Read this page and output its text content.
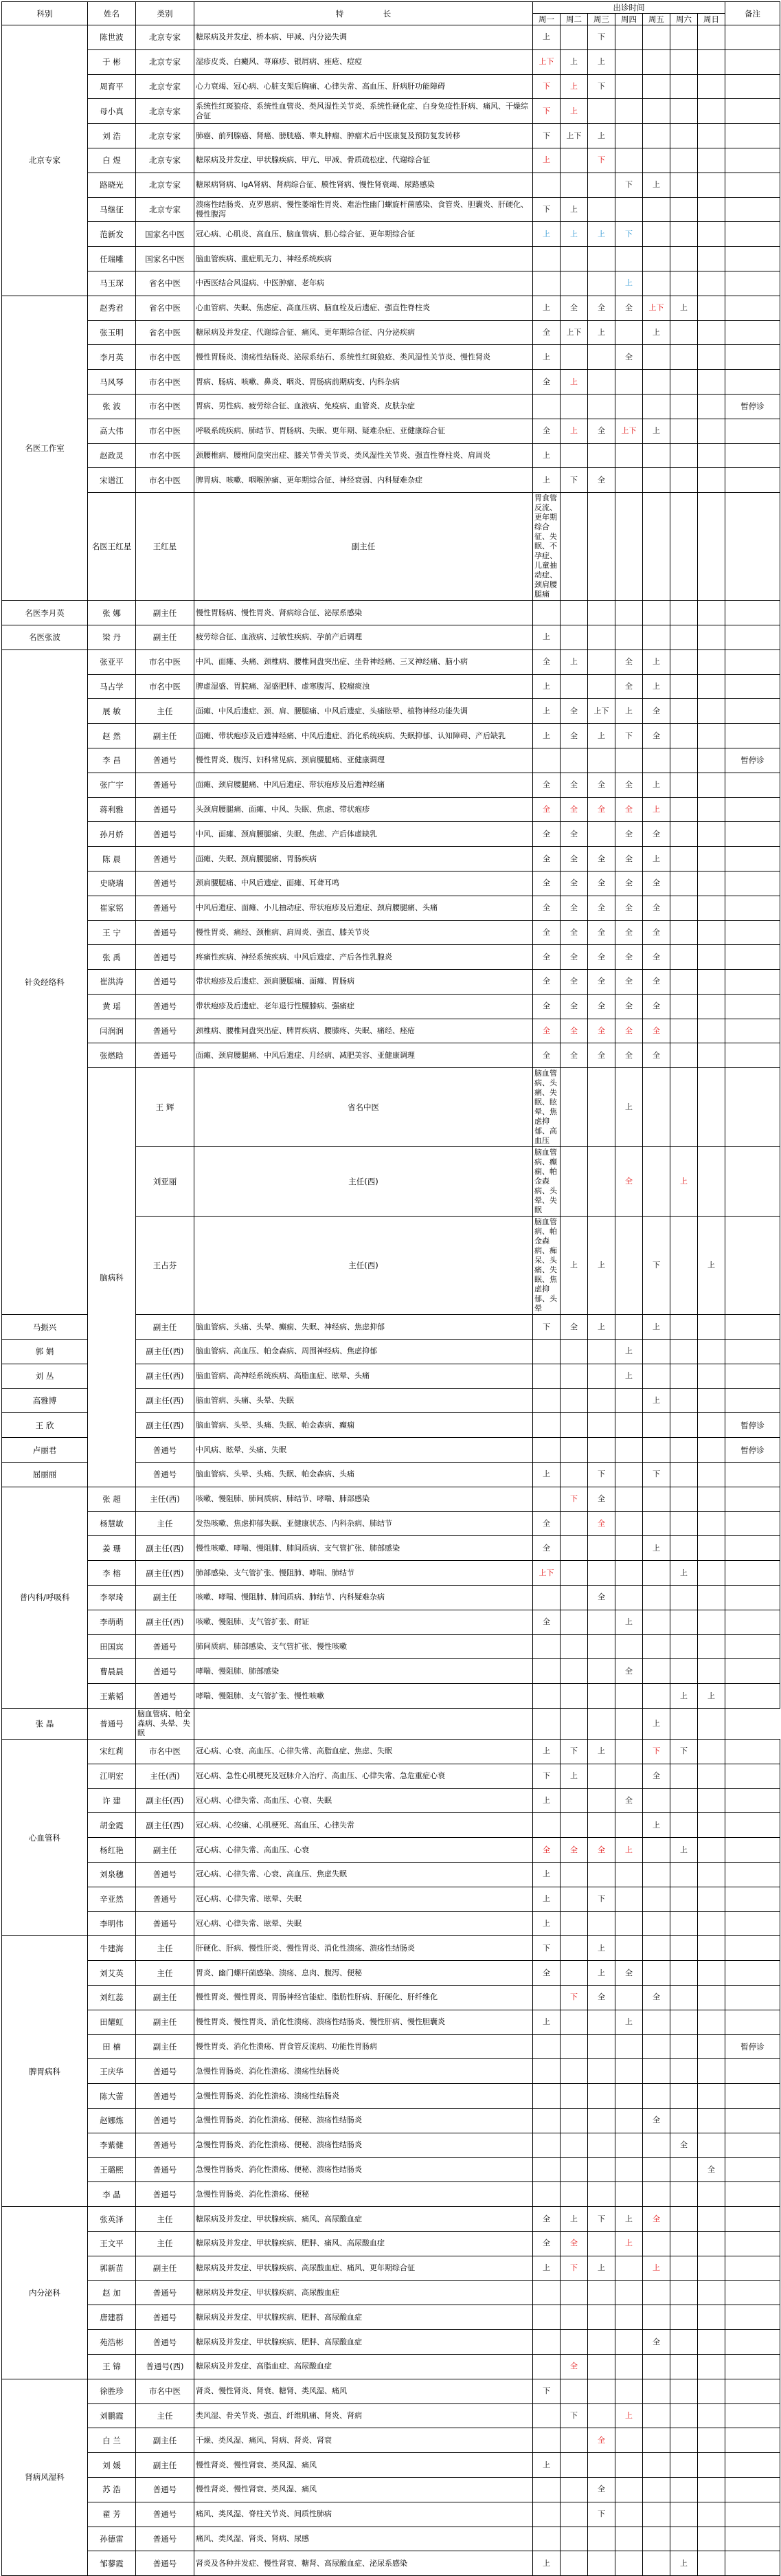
科别	姓名	类别	特　　　　　长	出诊时间							备注	
				周一	周二	周三	周四	周五	周六	周日		
北京专家	陈世波	北京专家	糖尿病及并发症、桥本病、甲减、内分泌失调	上		下						
	于 彬	北京专家	湿疹皮炎、白癜风、荨麻疹、银屑病、痤疮、痘痘	上下	上	上						
	周育平	北京专家	心力衰竭、冠心病、心脏支架后胸痛、心律失常、高血压、肝病肝功能障碍	下	上	下						
	母小真	北京专家	系统性红斑狼疮、系统性血管炎、类风湿性关节炎、系统性硬化症、白身免疫性肝病、痛风、干燥综合征	下	上							
	刘 浩	北京专家	肺癌、前列腺癌、肾癌、膀胱癌、睾丸肿瘤、肿瘤术后中医康复及预防复发转移	下	上下	上						
	白 煜	北京专家	糖尿病及并发症、甲状腺疾病、甲亢、甲减、骨质疏松症、代谢综合征	上		下						
	路晓光	北京专家	糖尿病肾病、IgA肾病、肾病综合征、膜性肾病、慢性肾衰竭、尿路感染				下	上				
	马继征	北京专家	溃疡性结肠炎、克罗恩病、慢性萎缩性胃炎、难治性幽门螺旋杆菌感染、食管炎、胆囊炎、肝硬化、慢性腹泻	下	上							
	范新发	国家名中医	冠心病、心肌炎、高血压、脑血管病、胆心综合征、更年期综合征	上	上	上	下					
	任瑞雕	国家名中医	脑血管疾病、重症肌无力、神经系统疾病									
	马玉琛	省名中医	中西医结合风湿病、中医肿瘤、老年病				上					
名医工作室	赵秀君	省名中医	心血管病、失眠、焦虑症、高血压病、脑血栓及后遗症、强直性脊柱炎	上	全	全	全	上下	上			
	张玉明	省名中医	糖尿病及并发症、代谢综合征、痛风、更年期综合征、内分泌疾病	全	上下	上		上				
	李月英	市名中医	慢性胃肠炎、溃疡性结肠炎、泌尿系结石、系统性红斑狼疮、类风湿性关节炎、慢性肾炎	上			全					
	马风琴	市名中医	胃病、肠病、咳嗽、鼻炎、咽炎、胃肠病前期病变、内科杂病	全	上							
	张 波	市名中医	胃病、男性病、疲劳综合征、血液病、免疫病、血管炎、皮肤杂症								暂停诊	
	高大伟	市名中医	呼吸系统疾病、肺结节、胃肠病、失眠、更年期、疑难杂症、亚健康综合征	全	上	全	上下	上				
	赵政灵	市名中医	颈腰椎病、腰椎间盘突出症、膝关节骨关节炎、类风湿性关节炎、强直性脊柱炎、肩周炎	上								
	宋谱江	市名中医	脾胃病、咳嗽、咽喉肿痛、更年期综合征、神经衰弱、内科疑难杂症	上	下	全						
	名医王红星	王红星	副主任	胃食管反流、更年期综合征、失眠、不孕症、儿童抽动症、颈肩腰腿痛								
名医李月英	张 娜	副主任	慢性胃肠病、慢性胃炎、肾病综合征、泌尿系感染									
名医张波	梁 丹	副主任	疲劳综合征、血液病、过敏性疾病、孕前产后调理	上								
针灸经络科	张亚平	市名中医	中风、面瘫、头痛、颈椎病、腰椎间盘突出症、坐骨神经痛、三叉神经痛、脑小病	全	上		全	上				
	马占学	市名中医	脾虚湿盛、胃脘痛、湿盛肥胖、虚寒腹泻、胶瘤痰浊	上			全	上				
	展 敏	主任	面瘫、中风后遗症、颈、肩、腰腿痛、中风后遗症、头痛眩晕、植物神经功能失调	上	全	上下	上	全				
	赵 然	副主任	面瘫、带状疱疹及后遗神经痛、中风后遗症、消化系统疾病、失眠抑郁、认知障碍、产后缺乳	上	全	上	下	全				
	李 昌	普通号	慢性胃炎、腹泻、妇科常见病、颈肩腰腿痛、亚健康调理								暂停诊	
	张广宇	普通号	面瘫、颈肩腰腿痛、中风后遗症、带状疱疹及后遗神经痛	全	全	全	全	上				
	蒋利雅	普通号	头颈肩腰腿痛、面瘫、中风、失眠、焦虑、带状疱疹	全	全	全	全	上				
	孙月娇	普通号	中风、面瘫、颈肩腰腿痛、失眠、焦虑、产后体虚缺乳	全	全		全	全				
	陈 晨	普通号	面瘫、失眠、颈肩腰腿痛、胃肠疾病	全	全	全	全	上				
	史晓瑞	普通号	颈肩腰腿痛、中风后遗症、面瘫、耳聋耳鸣	全	全	全	全	全				
	崔家铭	普通号	中风后遗症、面瘫、小儿抽动症、带状疱疹及后遗症、颈肩腰腿痛、头痛	全	全	全	全	全				
	王 宁	普通号	慢性胃炎、痛经、颈椎病、肩周炎、强直、膝关节炎	全	全	全	全	全				
	张 禹	普通号	疼痛性疾病、神经系统疾病、中风后遗症、产后各性乳腺炎	全	全	全	全	全				
	崔洪涛	普通号	带状疱疹及后遗症、颈肩腰腿痛、面瘫、胃肠病	全	全	全	全	全				
	黄 瑶	普通号	带状疱疹及后遗症、老年退行性腰膝病、强痛症	全	全	全	全	全				
	闫润润	普通号	颈椎病、腰椎间盘突出症、脾胃疾病、腰膝疼、失眠、痛经、痤疮	全	全	全	全	全				
	张燃晗	普通号	面瘫、颈肩腰腿痛、中风后遗症、月经病、减肥美容、亚健康调理	全	全	全	全	全				
	脑病科	王 辉	省名中医	脑血管病、头痛、失眠、眩晕、焦虑抑郁、高血压			上					
		刘亚丽	主任(西)	脑血管病、癫痫、帕金森病、头晕、失眠			全		上			
		王占芬	主任(西)	脑血管病、帕金森病、痴呆、头痛、失眠、焦虑抑郁、头晕	上	上		下		上		
马振兴		副主任	脑血管病、头痛、头晕、癫痫、失眠、神经病、焦虑抑郁	下	全	上		上				
郭 娟		副主任(西)	脑血管病、高血压、帕金森病、周围神经病、焦虑抑郁				上					
刘 丛		副主任(西)	脑血管病、高神经系统疾病、高脂血症、眩晕、头痛				上					
高雅博		副主任(西)	脑血管病、头痛、头晕、失眠					上				
王 欣		副主任(西)	脑血管病、头晕、头痛、失眠、帕金森病、癫痫								暂停诊	
卢丽君		普通号	中风病、眩晕、头痛、失眠								暂停诊	
屈丽丽		普通号	脑血管病、头晕、头痛、失眠、帕金森病、头痛	上		下		下				
普内科/呼吸科	张 超	主任(西)	咳嗽、慢阻肺、肺间质病、肺结节、哮喘、肺部感染		下	全						
	杨慧敏	主任	发热咳嗽、焦虑抑郁失眠、亚健康状态、内科杂病、肺结节	全		全						
	姜 珊	副主任(西)	慢性咳嗽、哮喘、慢阻肺、肺间质病、支气管扩张、肺部感染	全				上				
	李 榕	副主任(西)	肺部感染、支气管扩张、慢阻肺、哮喘、肺结节	上下					上			
	李翠琦	副主任	咳嗽、哮喘、慢阻肺、肺间质病、肺结节、内科疑难杂病			全						
	李萌萌	副主任(西)	咳嗽、慢阻肺、支气管扩张、耐证	全			上					
	田国宾	普通号	肺间质病、肺部感染、支气管扩张、慢性咳嗽									
	曹晨晨	普通号	哮喘、慢阻肺、肺部感染				全					
	王紫韬	普通号	哮喘、慢阻肺、支气管扩张、慢性咳嗽						上	上		
张 晶	普通号	脑血管病、帕金森病、头晕、失眠						上				
心血管科	宋红莉	市名中医	冠心病、心衰、高血压、心律失常、高脂血症、焦虑、失眠	上	下	上		下	下			
	江明宏	主任(西)	冠心病、急性心肌梗死及冠脉介入治疗、高血压、心律失常、急危重症心衰	下	上			全				
	许 建	副主任(西)	冠心病、心律失常、高血压、心衰、失眠	上			全					
	胡金霞	副主任(西)	冠心病、心绞痛、心肌梗死、高血压、心律失常					上				
	杨红艳	副主任	冠心病、心律失常、高血压、心衰	全	全	全	上		上			
	刘泉穗	普通号	冠心病、心律失常、心衰、高血压、焦虑失眠	上								
	辛亚然	普通号	冠心病、心律失常、眩晕、失眠	上		下						
	李明伟	普通号	冠心病、心律失常、眩晕、失眠	上								
脾胃病科	牛建海	主任	肝硬化、肝病、慢性肝炎、慢性胃炎、消化性溃疡、溃疡性结肠炎	下		上						
	刘艾英	主任	胃炎、幽门螺杆菌感染、溃疡、息肉、腹泻、便秘	全		上	全					
	刘红蕊	副主任	慢性胃炎、慢性胃炎、胃肠神经官能症、脂肪性肝病、肝硬化、肝纤维化		下	全		全				
	田耀虹	副主任	慢性胃炎、慢性胃炎、消化性溃疡、溃疡性结肠炎、慢性肝病、慢性胆囊炎	上			上					
	田 楠	副主任	慢性胃炎、消化性溃疡、胃食管反流病、功能性胃肠病								暂停诊	
	王庆华	普通号	急慢性胃肠炎、消化性溃疡、溃疡性结肠炎									
	陈大蕾	普通号	急慢性胃肠炎、消化性溃疡、溃疡性结肠炎									
	赵娜炼	普通号	急慢性胃肠炎、消化性溃疡、便秘、溃疡性结肠炎					全				
	李紫健	普通号	急慢性胃肠炎、消化性溃疡、便秘、溃疡性结肠炎						全			
	王璐熙	普通号	急慢性胃肠炎、消化性溃疡、便秘、溃疡性结肠炎							全		
	李 晶	普通号	急慢性胃肠炎、消化性溃疡、便秘									
内分泌科	张英泽	主任	糖尿病及并发症、甲状腺疾病、痛风、高尿酸血症	全	上	下	上	全				
	王文平	主任	糖尿病及并发症、甲状腺疾病、肥胖、痛风、高尿酸血症	全	全		上					
	郭新苗	副主任	糖尿病及并发症、甲状腺疾病、高尿酸血症、痛风、更年期综合征	上	下	上		上				
	赵 加	普通号	糖尿病及并发症、甲状腺疾病、高尿酸血症									
	唐建群	普通号	糖尿病及并发症、甲状腺疾病、肥胖、高尿酸血症									
	苑浩彬	普通号	糖尿病及并发症、甲状腺疾病、肥胖、高尿酸血症					全				
	王 锦	普通号(西)	糖尿病及并发症、高脂血症、高尿酸血症		全							
肾病风湿科	徐胜珍	市名中医	肾炎、慢性肾炎、肾衰、糖肾、类风湿、痛风	下								
	刘鹏霞	主任	类风湿、骨关节炎、强直、纤维肌痛、肾炎、肾病		下		上					
	白 兰	副主任	干燥、类风湿、痛风、肾病、肾炎、肾衰			全						
	刘 媛	副主任	慢性肾炎、慢性肾衰、类风湿、痛风	上								
	苏 浩	普通号	慢性肾炎、慢性肾衰、类风湿、痛风			全						
	翟 芳	普通号	痛风、类风湿、脊柱关节炎、间质性肺病			下						
	孙德雷	普通号	痛风、类风湿、肾炎、肾病、尿感									
	邹蓼霞	普通号	肾炎及各种并发症、慢性肾衰、糖肾、高尿酸血症、泌尿系感染	上					上			
